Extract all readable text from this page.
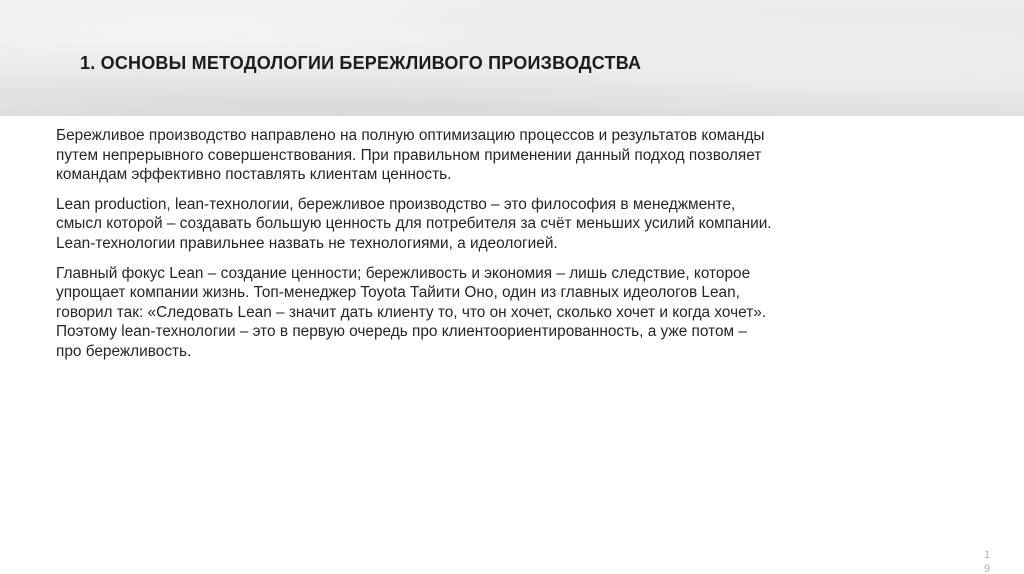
1. ОСНОВЫ МЕТОДОЛОГИИ БЕРЕЖЛИВОГО ПРОИЗВОДСТВА

Бережливое производство направлено на полную оптимизацию процессов и результатов команды
путем непрерывного совершенствования. При правильном применении данный подход позволяет
командам эффективно поставлять клиентам ценность.

Lean production, lean-технологии, бережливое производство – это философия в менеджменте,
смысл которой – создавать большую ценность для потребителя за счёт меньших усилий компании.
Lean-технологии правильнее назвать не технологиями, а идеологией.

Главный фокус Lean – создание ценности; бережливость и экономия – лишь следствие, которое
упрощает компании жизнь. Топ-менеджер Toyota Тайити Оно, один из главных идеологов Lean,
говорил так: «Следовать Lean – значит дать клиенту то, что он хочет, сколько хочет и когда хочет».
Поэтому lean-технологии – это в первую очередь про клиентоориентированность, а уже потом –
про бережливость.

1
9
